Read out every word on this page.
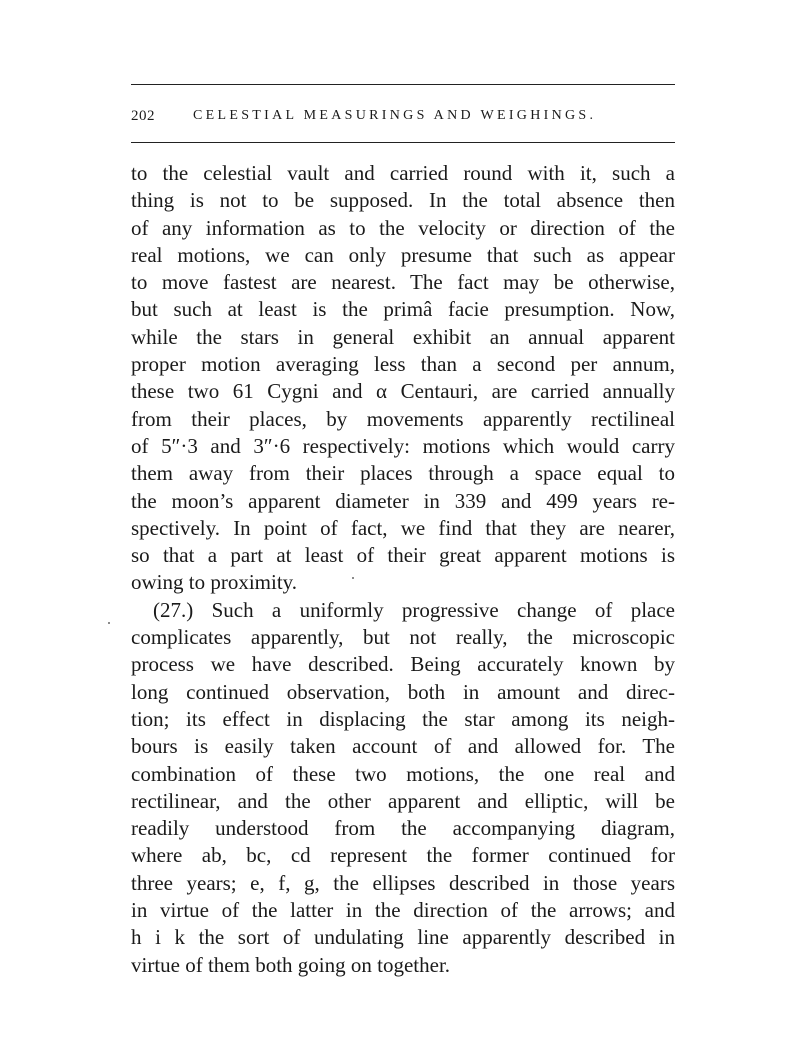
202	CELESTIAL MEASURINGS AND WEIGHINGS.
to the celestial vault and carried round with it, such a
thing is not to be supposed. In the total absence then
of any information as to the velocity or direction of the
real motions, we can only presume that such as appear
to move fastest are nearest. The fact may be otherwise,
but such at least is the primâ facie presumption. Now,
while the stars in general exhibit an annual apparent
proper motion averaging less than a second per annum,
these two 61 Cygni and α Centauri, are carried annually
from their places, by movements apparently rectilineal
of 5″·3 and 3″·6 respectively: motions which would carry
them away from their places through a space equal to
the moon’s apparent diameter in 339 and 499 years re-
spectively. In point of fact, we find that they are nearer,
so that a part at least of their great apparent motions is
owing to proximity.
(27.) Such a uniformly progressive change of place
complicates apparently, but not really, the microscopic
process we have described. Being accurately known by
long continued observation, both in amount and direc-
tion; its effect in displacing the star among its neigh-
bours is easily taken account of and allowed for. The
combination of these two motions, the one real and
rectilinear, and the other apparent and elliptic, will be
readily understood from the accompanying diagram,
where ab, bc, cd represent the former continued for
three years; e, f, g, the ellipses described in those years
in virtue of the latter in the direction of the arrows; and
h i k the sort of undulating line apparently described in
virtue of them both going on together.
